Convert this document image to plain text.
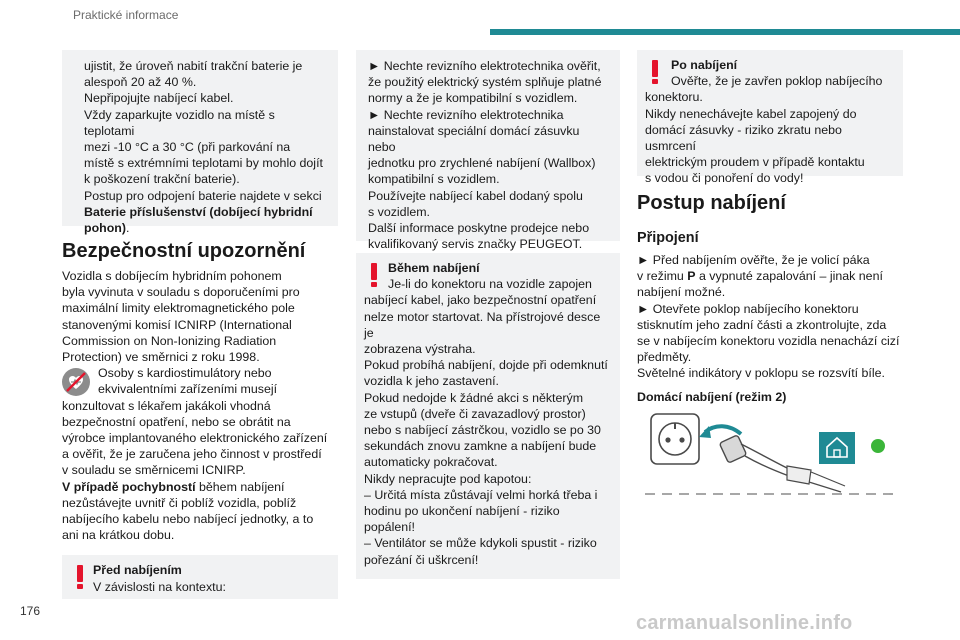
Praktické informace

ujistit, že úroveň nabití trakční baterie je

alespoň 20 až 40 %.

Nepřipojujte nabíjecí kabel.

Vždy zaparkujte vozidlo na místě s teplotami

mezi -10 °C a 30 °C (při parkování na

místě s extrémními teplotami by mohlo dojít

k poškození trakční baterie).

Postup pro odpojení baterie najdete v sekci

Baterie příslušenství (dobíjecí hybridní pohon).

Bezpečnostní upozornění

Vozidla s dobíjecím hybridním pohonem

byla vyvinuta v souladu s doporučeními pro

maximální limity elektromagnetického pole

stanovenými komisí ICNIRP (International

Commission on Non-Ionizing Radiation

Protection) ve směrnici z roku 1998.

Osoby s kardiostimulátory nebo

ekvivalentními zařízeními musejí

konzultovat s lékařem jakákoli vhodná

bezpečnostní opatření, nebo se obrátit na

výrobce implantovaného elektronického zařízení

a ověřit, že je zaručena jeho činnost v prostředí

v souladu se směrnicemi ICNIRP.

V případě pochybností během nabíjení

nezůstávejte uvnitř či poblíž vozidla, poblíž

nabíjecího kabelu nebo nabíjecí jednotky, a to

ani na krátkou dobu.

Před nabíjením
V závislosti na kontextu:

► Nechte revizního elektrotechnika ověřit,

že použitý elektrický systém splňuje platné

normy a že je kompatibilní s vozidlem.

► Nechte revizního elektrotechnika

nainstalovat speciální domácí zásuvku nebo

jednotku pro zrychlené nabíjení (Wallbox)

kompatibilní s vozidlem.

Používejte nabíjecí kabel dodaný spolu

s vozidlem.

Další informace poskytne prodejce nebo

kvalifikovaný servis značky PEUGEOT.

Během nabíjení
Je-li do konektoru na vozidle zapojen

nabíjecí kabel, jako bezpečnostní opatření

nelze motor startovat. Na přístrojové desce je

zobrazena výstraha.

Pokud probíhá nabíjení, dojde při odemknutí

vozidla k jeho zastavení.

Pokud nedojde k žádné akci s některým

ze vstupů (dveře či zavazadlový prostor)

nebo s nabíjecí zástrčkou, vozidlo se po 30

sekundách znovu zamkne a nabíjení bude

automaticky pokračovat.

Nikdy nepracujte pod kapotou:

– Určitá místa zůstávají velmi horká třeba i

hodinu po ukončení nabíjení - riziko popálení!

– Ventilátor se může kdykoli spustit - riziko

pořezání či uškrcení!

Po nabíjení
Ověřte, že je zavřen poklop nabíjecího

konektoru.

Nikdy nenechávejte kabel zapojený do

domácí zásuvky - riziko zkratu nebo usmrcení

elektrickým proudem v případě kontaktu

s vodou či ponoření do vody!

Postup nabíjení
Připojení

► Před nabíjením ověřte, že je volicí páka

v režimu P a vypnuté zapalování – jinak není

nabíjení možné.

► Otevřete poklop nabíjecího konektoru

stisknutím jeho zadní části a zkontrolujte, zda

se v nabíjecím konektoru vozidla nenachází cizí

předměty.

Světelné indikátory v poklopu se rozsvítí bíle.

Domácí nabíjení (režim 2)
176
carmanualsonline.info
